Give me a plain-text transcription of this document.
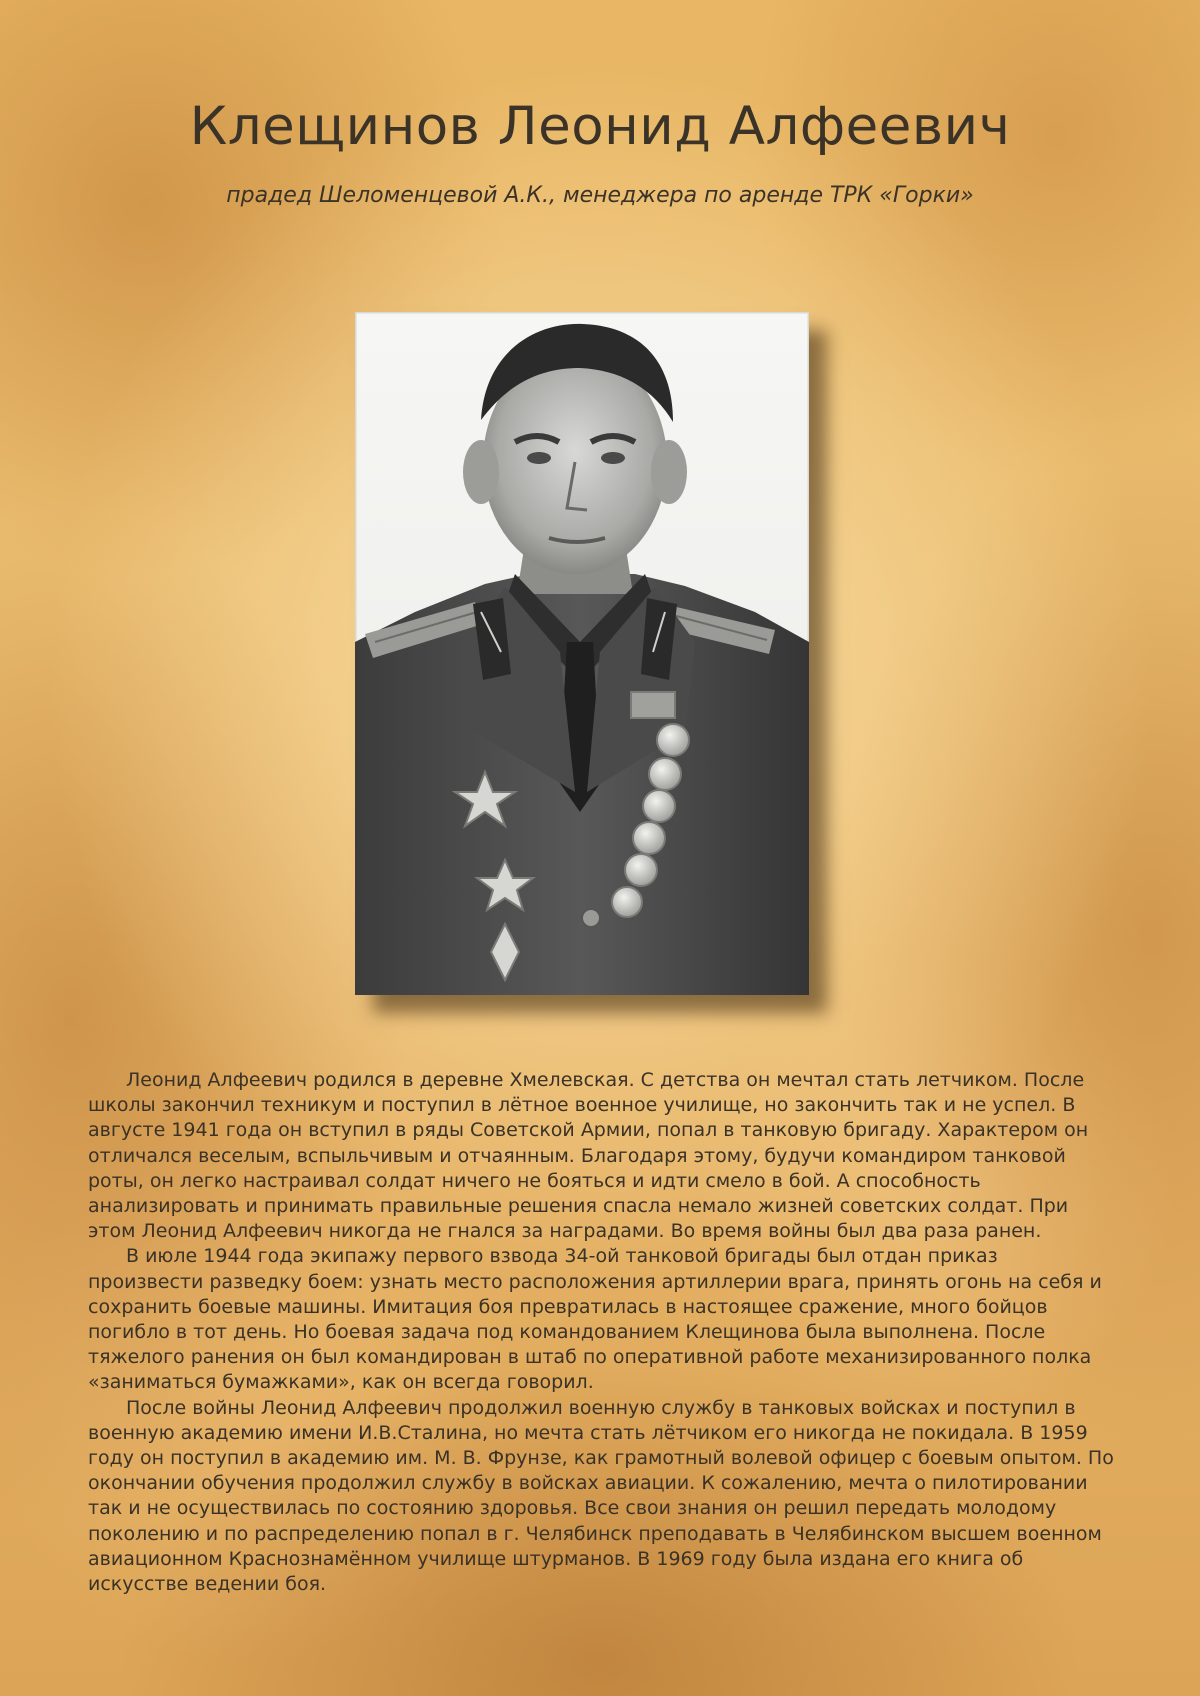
Клещинов Леонид Алфеевич
прадед Шеломенцевой А.К., менеджера по аренде ТРК «Горки»

Леонид Алфеевич родился в деревне Хмелевская. С детства он мечтал стать летчиком. После школы закончил техникум и поступил в лётное военное училище, но закончить так и не успел. В августе 1941 года он вступил в ряды Советской Армии, попал в танковую бригаду. Характером он отличался веселым, вспыльчивым и отчаянным. Благодаря этому, будучи командиром танковой роты, он легко настраивал солдат ничего не бояться и идти смело в бой. А способность анализировать и принимать правильные решения спасла немало жизней советских солдат. При этом Леонид Алфеевич никогда не гнался за наградами. Во время войны был два раза ранен.

В июле 1944 года экипажу первого взвода 34-ой танковой бригады был отдан приказ произвести разведку боем: узнать место расположения артиллерии врага, принять огонь на себя и сохранить боевые машины. Имитация боя превратилась в настоящее сражение, много бойцов погибло в тот день. Но боевая задача под командованием Клещинова была выполнена. После тяжелого ранения он был командирован в штаб по оперативной работе механизированного полка «заниматься бумажками», как он всегда говорил.

После войны Леонид Алфеевич продолжил военную службу в танковых войсках и поступил в военную академию имени И.В.Сталина, но мечта стать лётчиком его никогда не покидала. В 1959 году он поступил в академию им. М. В. Фрунзе, как грамотный волевой офицер с боевым опытом. По окончании обучения продолжил службу в войсках авиации. К сожалению, мечта о пилотировании так и не осуществилась по состоянию здоровья. Все свои знания он решил передать молодому поколению и по распределению попал в г. Челябинск преподавать в Челябинском высшем военном авиационном Краснознамённом училище штурманов. В 1969 году была издана его книга об искусстве ведении боя.
